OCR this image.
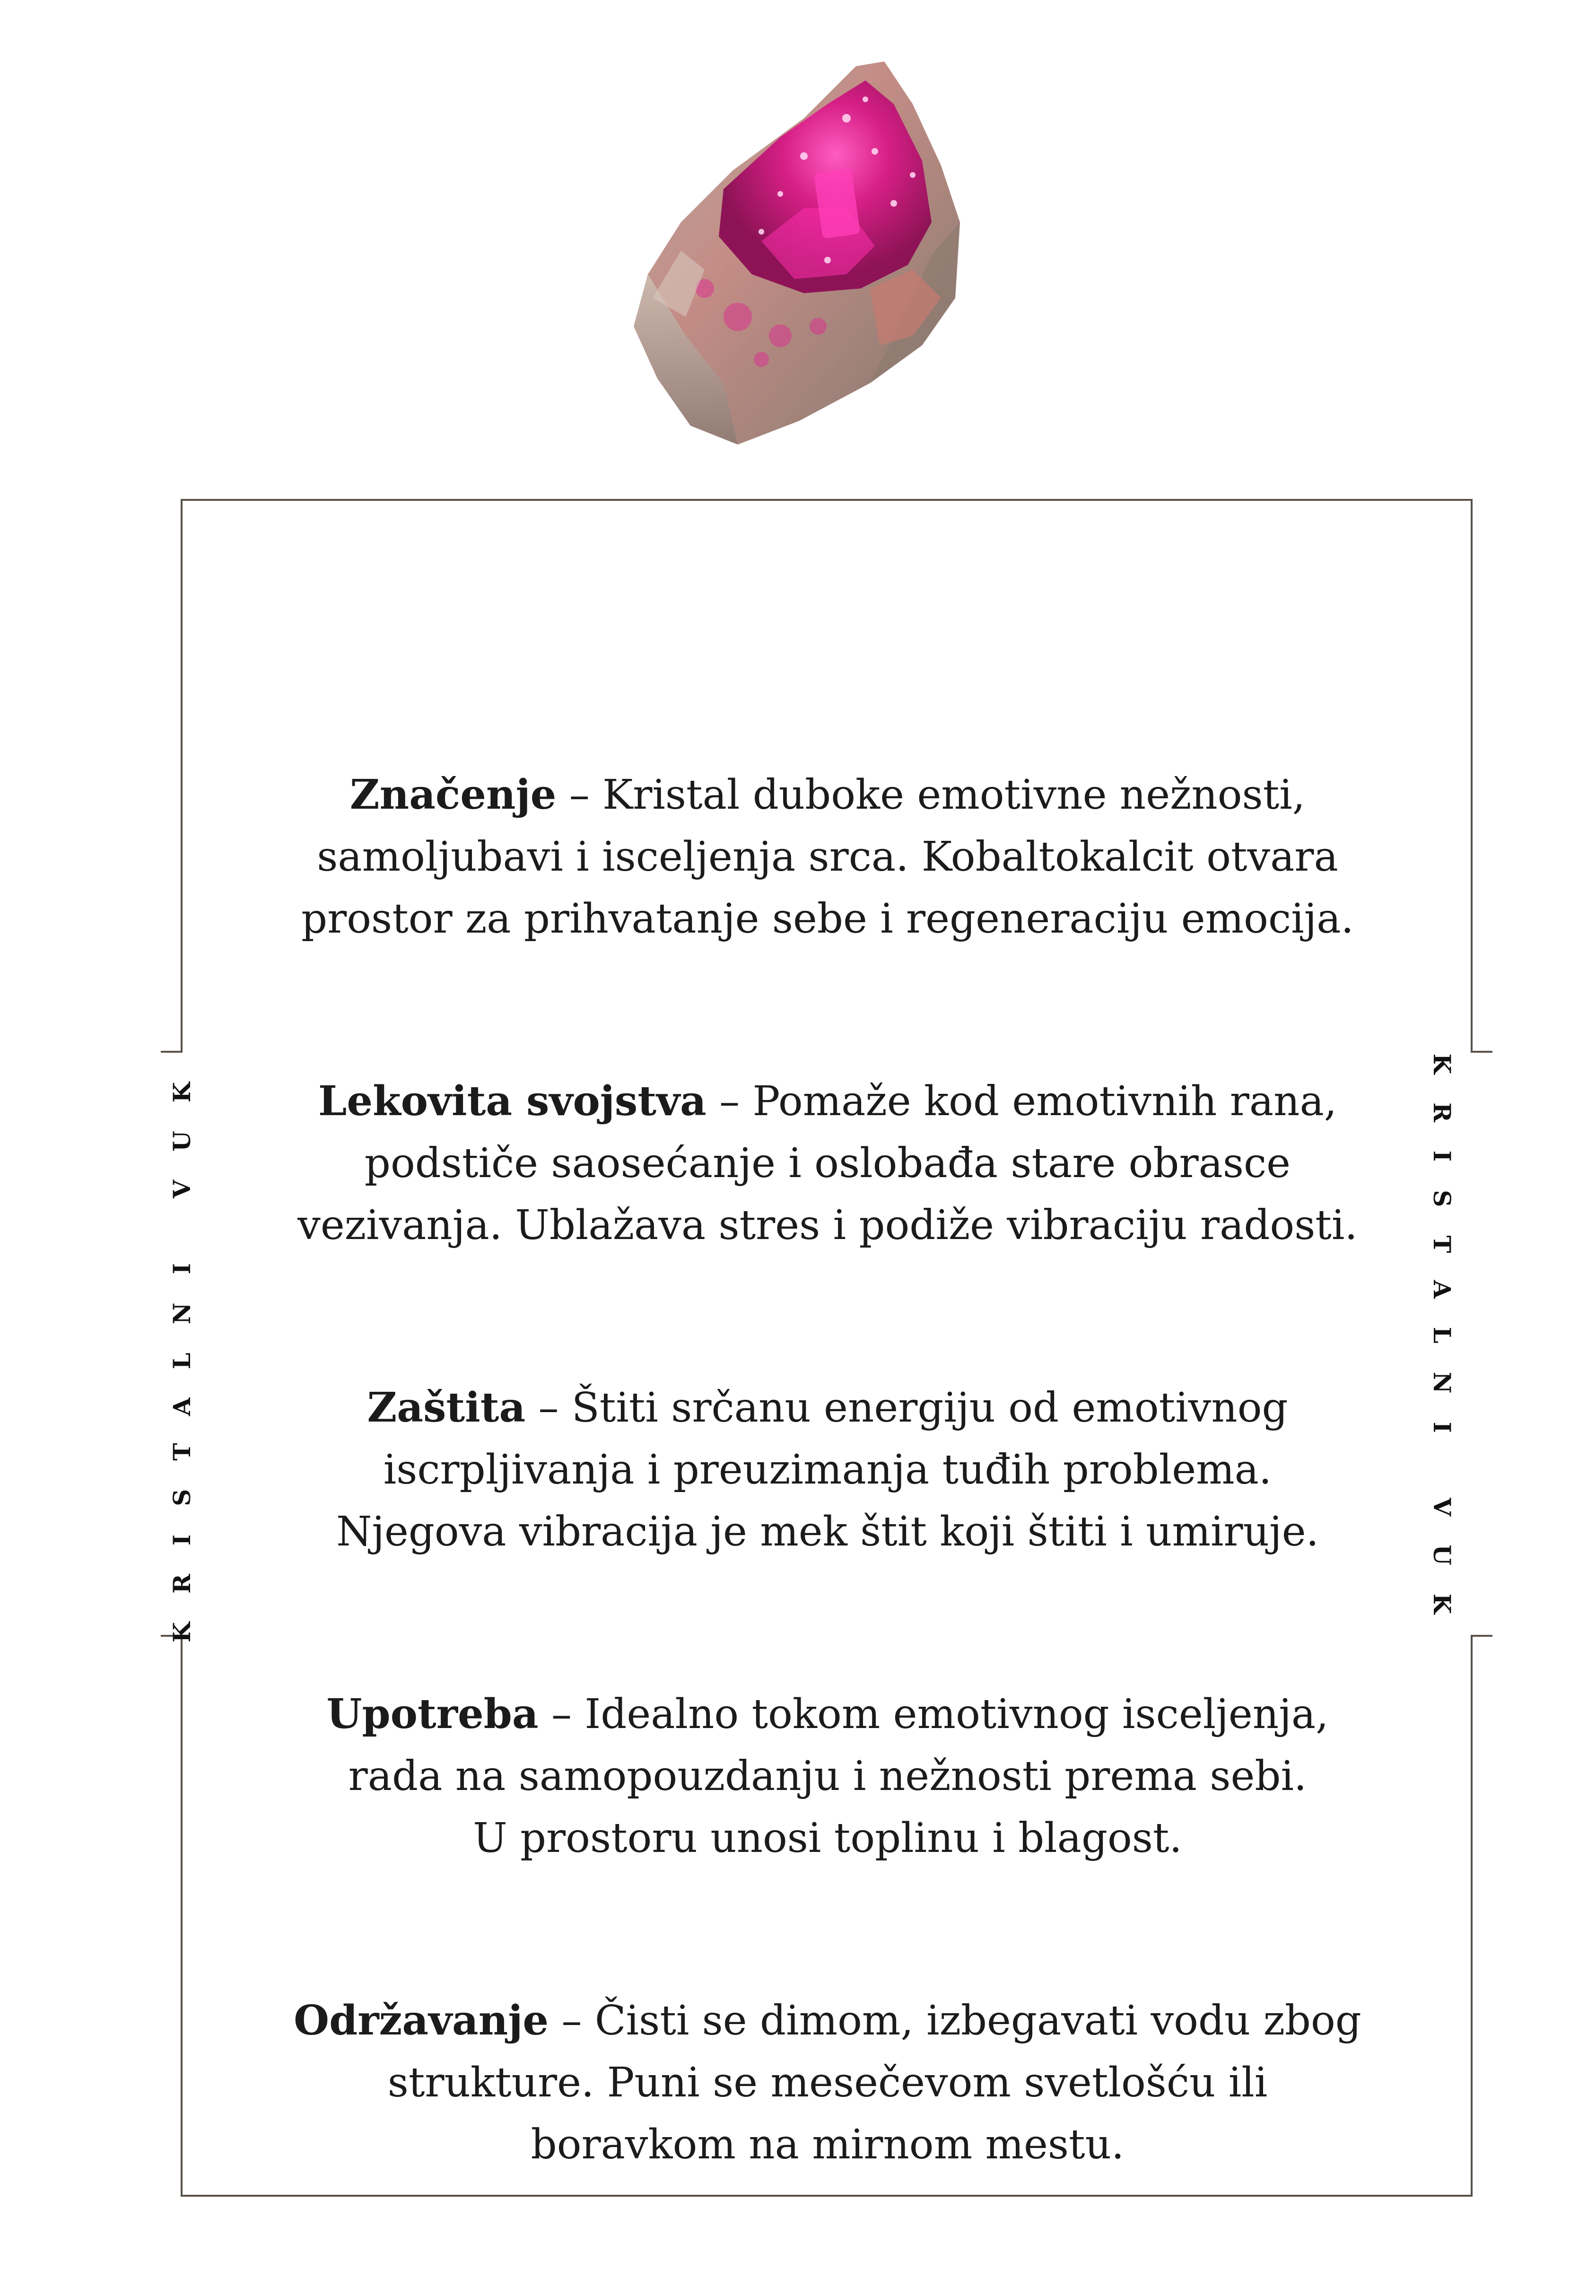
KRISTALNI VUK	KRISTALNI VUK
Značenje – Kristal duboke emotivne nežnosti,
samoljubavi i isceljenja srca. Kobaltokalcit otvara
prostor za prihvatanje sebe i regeneraciju emocija.
Lekovita svojstva – Pomaže kod emotivnih rana,
podstiče saosećanje i oslobađa stare obrasce
vezivanja. Ublažava stres i podiže vibraciju radosti.
Zaštita – Štiti srčanu energiju od emotivnog
iscrpljivanja i preuzimanja tuđih problema.
Njegova vibracija je mek štit koji štiti i umiruje.
Upotreba – Idealno tokom emotivnog isceljenja,
rada na samopouzdanju i nežnosti prema sebi.
U prostoru unosi toplinu i blagost.
Održavanje – Čisti se dimom, izbegavati vodu zbog
strukture. Puni se mesečevom svetlošću ili
boravkom na mirnom mestu.
